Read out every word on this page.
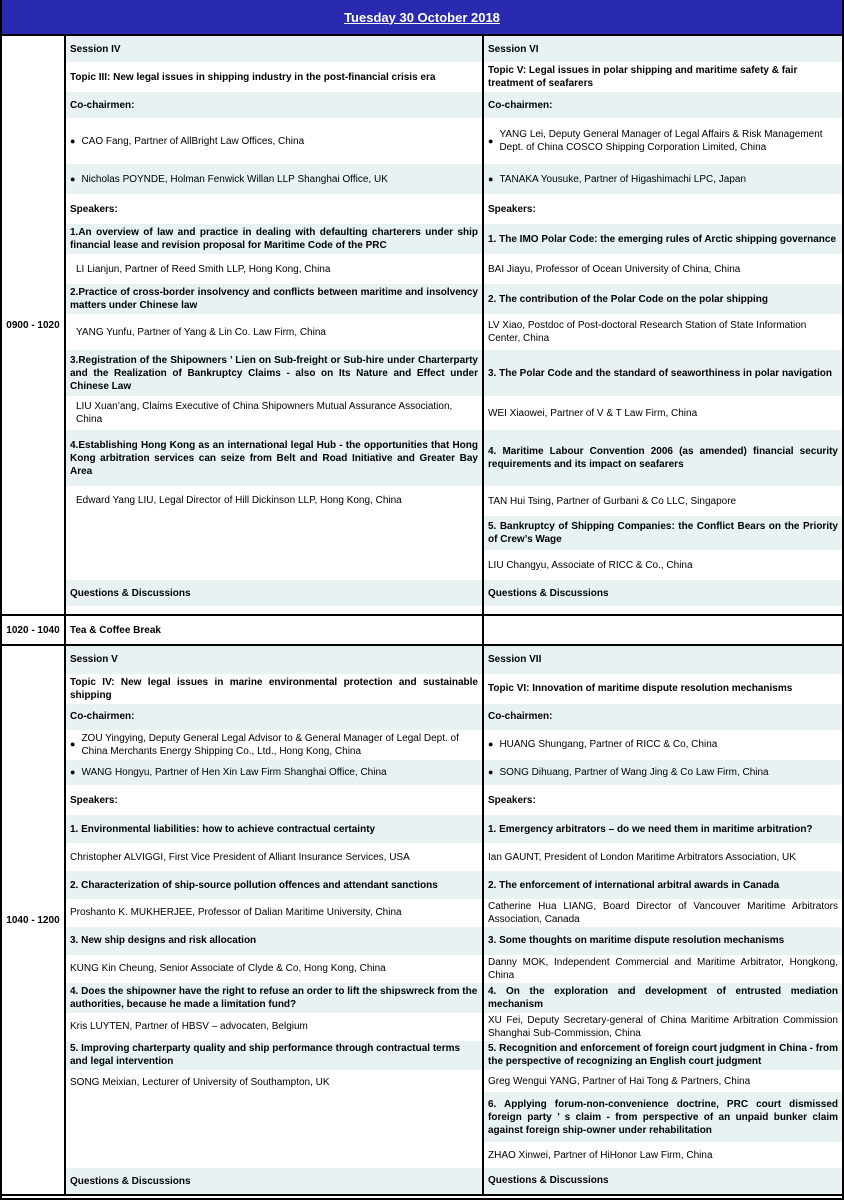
Tuesday 30 October 2018
0900 - 1020
Session IV
Topic III: New legal issues in shipping industry in the post-financial crisis era
Co-chairmen:
● CAO Fang, Partner of AllBright Law Offices, China
● Nicholas POYNDE, Holman Fenwick Willan LLP Shanghai Office, UK
Speakers:
1.An overview of law and practice in dealing with defaulting charterers under ship financial lease and revision proposal for Maritime Code of the PRC
LI Lianjun, Partner of Reed Smith LLP, Hong Kong, China
2.Practice of cross-border insolvency and conflicts between maritime and insolvency matters under Chinese law
YANG Yunfu, Partner of Yang & Lin Co. Law Firm, China
3.Registration of the Shipowners ’ Lien on Sub-freight or Sub-hire under Charterparty and the Realization of Bankruptcy Claims - also on Its Nature and Effect under Chinese Law
LIU Xuan’ang, Claims Executive of China Shipowners Mutual Assurance Association, China
4.Establishing Hong Kong as an international legal Hub - the opportunities that Hong Kong arbitration services can seize from Belt and Road Initiative and Greater Bay Area
Edward Yang LIU, Legal Director of Hill Dickinson LLP, Hong Kong, China
Questions & Discussions
Session VI
Topic V: Legal issues in polar shipping and maritime safety & fair treatment of seafarers
Co-chairmen:
● YANG Lei, Deputy General Manager of Legal Affairs & Risk Management Dept. of China COSCO Shipping Corporation Limited, China
● TANAKA Yousuke, Partner of Higashimachi LPC, Japan
Speakers:
1. The IMO Polar Code: the emerging rules of Arctic shipping governance
BAI Jiayu, Professor of Ocean University of China, China
2. The contribution of the Polar Code on the polar shipping
LV Xiao, Postdoc of Post-doctoral Research Station of State Information Center, China
3. The Polar Code and the standard of seaworthiness in polar navigation
WEI Xiaowei, Partner of V & T Law Firm, China
4. Maritime Labour Convention 2006 (as amended) financial security requirements and its impact on seafarers
TAN Hui Tsing, Partner of Gurbani & Co LLC, Singapore
5. Bankruptcy of Shipping Companies: the Conflict Bears on the Priority of Crew’s Wage
LIU Changyu, Associate of RICC & Co., China
Questions & Discussions
1020 - 1040	Tea & Coffee Break
1040 - 1200
Session V
Topic IV: New legal issues in marine environmental protection and sustainable shipping
Co-chairmen:
● ZOU Yingying, Deputy General Legal Advisor to & General Manager of Legal Dept. of China Merchants Energy Shipping Co., Ltd., Hong Kong, China
● WANG Hongyu, Partner of Hen Xin Law Firm Shanghai Office, China
Speakers:
1. Environmental liabilities: how to achieve contractual certainty
Christopher ALVIGGI, First Vice President of Alliant Insurance Services, USA
2. Characterization of ship-source pollution offences and attendant sanctions
Proshanto K. MUKHERJEE, Professor of Dalian Maritime University, China
3. New ship designs and risk allocation
KUNG Kin Cheung, Senior Associate of Clyde & Co, Hong Kong, China
4. Does the shipowner have the right to refuse an order to lift the shipswreck from the authorities, because he made a limitation fund?
Kris LUYTEN, Partner of HBSV – advocaten, Belgium
5. Improving charterparty quality and ship performance through contractual terms and legal intervention
SONG Meixian, Lecturer of University of Southampton, UK
Questions & Discussions
Session VII
Topic VI: Innovation of maritime dispute resolution mechanisms
Co-chairmen:
● HUANG Shungang, Partner of RICC & Co, China
● SONG Dihuang, Partner of Wang Jing & Co Law Firm, China
Speakers:
1. Emergency arbitrators – do we need them in maritime arbitration?
Ian GAUNT, President of London Maritime Arbitrators Association, UK
2. The enforcement of international arbitral awards in Canada
Catherine Hua LIANG, Board Director of Vancouver Maritime Arbitrators Association, Canada
3. Some thoughts on maritime dispute resolution mechanisms
Danny MOK, Independent Commercial and Maritime Arbitrator, Hongkong, China
4. On the exploration and development of entrusted mediation mechanism
XU Fei, Deputy Secretary-general of China Maritime Arbitration Commission Shanghai Sub-Commission, China
5. Recognition and enforcement of foreign court judgment in China - from the perspective of recognizing an English court judgment
Greg Wengui YANG, Partner of Hai Tong & Partners, China
6. Applying forum-non-convenience doctrine, PRC court dismissed foreign party ’ s claim - from perspective of an unpaid bunker claim against foreign ship-owner under rehabilitation
ZHAO Xinwei, Partner of HiHonor Law Firm, China
Questions & Discussions
